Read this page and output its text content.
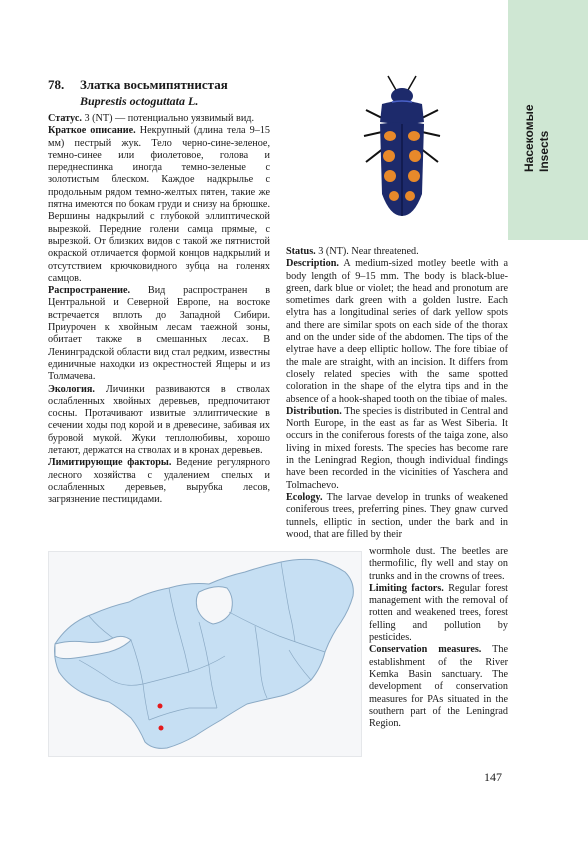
Насекомые Insects
78. Златка восьмипятнистая
Buprestis octoguttata L.

Статус. 3 (NT) — потенциально уязвимый вид.

Краткое описание. Некрупный (длина тела 9–15 мм) пестрый жук. Тело черно-сине-зеленое, темно-синее или фиолетовое, голова и переднеспинка иногда темно-зеленые с золотистым блеском. Каждое надкрылье с продольным рядом темно-желтых пятен, такие же пятна имеются по бокам груди и снизу на брюшке. Вершины надкрылий с глубокой эллиптической вырезкой. Передние голени самца прямые, с вырезкой. От близких видов с такой же пятнистой окраской отличается формой концов надкрылий и отсутствием крючковидного зубца на голенях самцов.

Распространение. Вид распространен в Центральной и Северной Европе, на востоке встречается вплоть до Западной Сибири. Приурочен к хвойным лесам таежной зоны, обитает также в смешанных лесах. В Ленинградской области вид стал редким, известны единичные находки из окрестностей Ящеры и из Толмачева.

Экология. Личинки развиваются в стволах ослабленных хвойных деревьев, предпочитают сосны. Протачивают извитые эллиптические в сечении ходы под корой и в древесине, забивая их буровой мукой. Жуки теплолюбивы, хорошо летают, держатся на стволах и в кронах деревьев.

Лимитирующие факторы. Ведение регулярного лесного хозяйства с удалением спелых и ослабленных деревьев, вырубка лесов, загрязнение пестицидами.

Status. 3 (NT). Near threatened.

Description. A medium-sized motley beetle with a body length of 9–15 mm. The body is black-blue-green, dark blue or violet; the head and pronotum are sometimes dark green with a golden lustre. Each elytra has a longitudinal series of dark yellow spots and there are similar spots on each side of the thorax and on the under side of the abdomen. The tips of the elytrae have a deep elliptic hollow. The fore tibiae of the male are straight, with an incision. It differs from closely related species with the same spotted coloration in the shape of the elytra tips and in the absence of a hook-shaped tooth on the tibiae of males.

Distribution. The species is distributed in Central and North Europe, in the east as far as West Siberia. It occurs in the coniferous forests of the taiga zone, also living in mixed forests. The species has become rare in the Leningrad Region, though individual findings have been recorded in the vicinities of Yaschera and Tolmachevo.

Ecology. The larvae develop in trunks of weakened coniferous trees, preferring pines. They gnaw curved tunnels, elliptic in section, under the bark and in wood, that are filled by their

wormhole dust. The beetles are thermofilic, fly well and stay on trunks and in the crowns of trees.

Limiting factors. Regular forest management with the removal of rotten and weakened trees, forest felling and pollution by pesticides.

Conservation measures. The establishment of the River Kemka Basin sanctuary. The development of conservation measures for PAs situated in the southern part of the Leningrad Region.

147
